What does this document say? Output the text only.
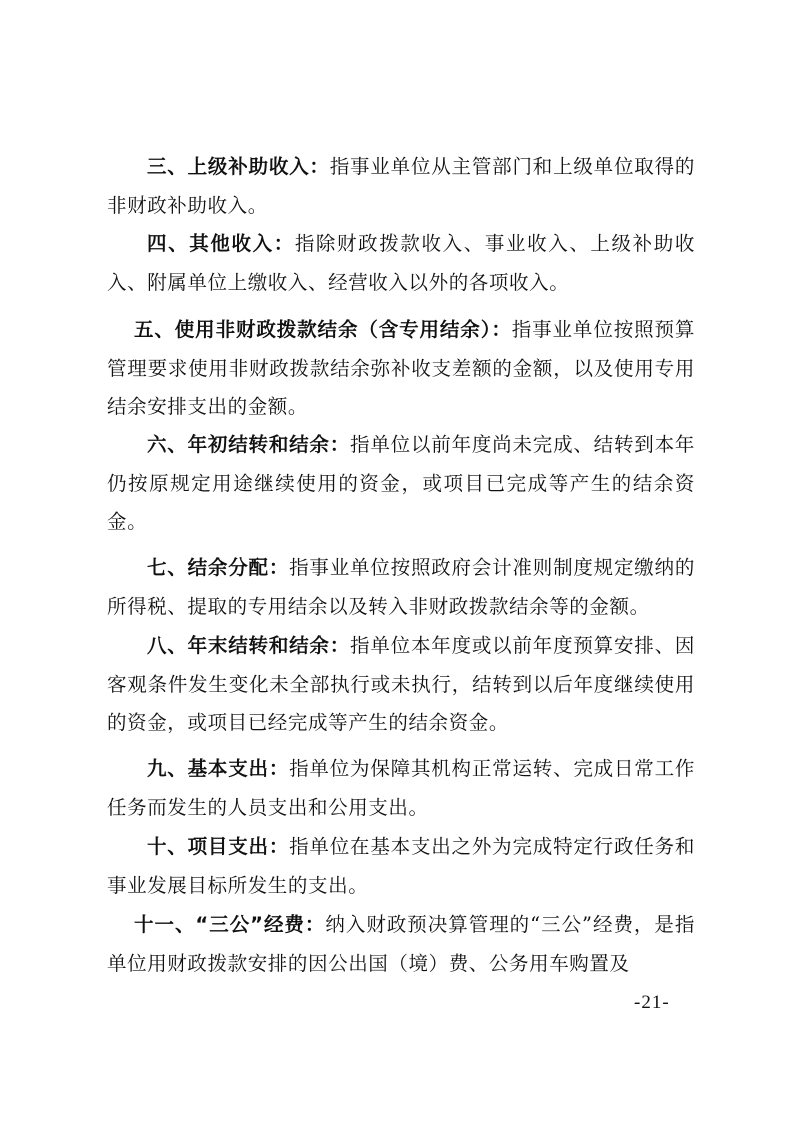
三、上级补助收入：指事业单位从主管部门和上级单位取得的非财政补助收入。

四、其他收入：指除财政拨款收入、事业收入、上级补助收入、附属单位上缴收入、经营收入以外的各项收入。

五、使用非财政拨款结余（含专用结余）：指事业单位按照预算管理要求使用非财政拨款结余弥补收支差额的金额，以及使用专用结余安排支出的金额。

六、年初结转和结余：指单位以前年度尚未完成、结转到本年仍按原规定用途继续使用的资金，或项目已完成等产生的结余资金。

七、结余分配：指事业单位按照政府会计准则制度规定缴纳的所得税、提取的专用结余以及转入非财政拨款结余等的金额。

八、年末结转和结余：指单位本年度或以前年度预算安排、因客观条件发生变化未全部执行或未执行，结转到以后年度继续使用的资金，或项目已经完成等产生的结余资金。

九、基本支出：指单位为保障其机构正常运转、完成日常工作任务而发生的人员支出和公用支出。

十、项目支出：指单位在基本支出之外为完成特定行政任务和事业发展目标所发生的支出。

十一、“三公”经费：纳入财政预决算管理的“三公”经费，是指单位用财政拨款安排的因公出国（境）费、公务用车购置及

-21-
